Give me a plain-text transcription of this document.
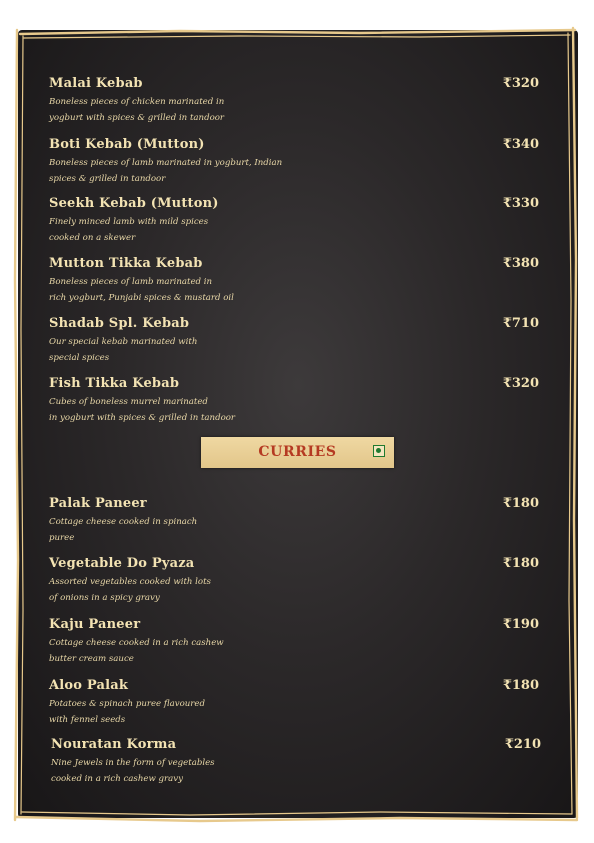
Malai Kebab	₹320
Boneless pieces of chicken marinated in
yogburt with spices & grilled in tandoor
Boti Kebab (Mutton)	₹340
Boneless pieces of lamb marinated in yogburt, Indian
spices & grilled in tandoor
Seekh Kebab (Mutton)	₹330
Finely minced lamb with mild spices
cooked on a skewer
Mutton Tikka Kebab	₹380
Boneless pieces of lamb marinated in
rich yogburt, Punjabi spices & mustard oil
Shadab Spl. Kebab	₹710
Our special kebab marinated with
special spices
Fish Tikka Kebab	₹320
Cubes of boneless murrel marinated
in yogburt with spices & grilled in tandoor
CURRIES
Palak Paneer	₹180
Cottage cheese cooked in spinach
puree
Vegetable Do Pyaza	₹180
Assorted vegetables cooked with lots
of onions in a spicy gravy
Kaju Paneer	₹190
Cottage cheese cooked in a rich cashew
butter cream sauce
Aloo Palak	₹180
Potatoes & spinach puree flavoured
with fennel seeds
Nouratan Korma	₹210
Nine Jewels in the form of vegetables
cooked in a rich cashew gravy
